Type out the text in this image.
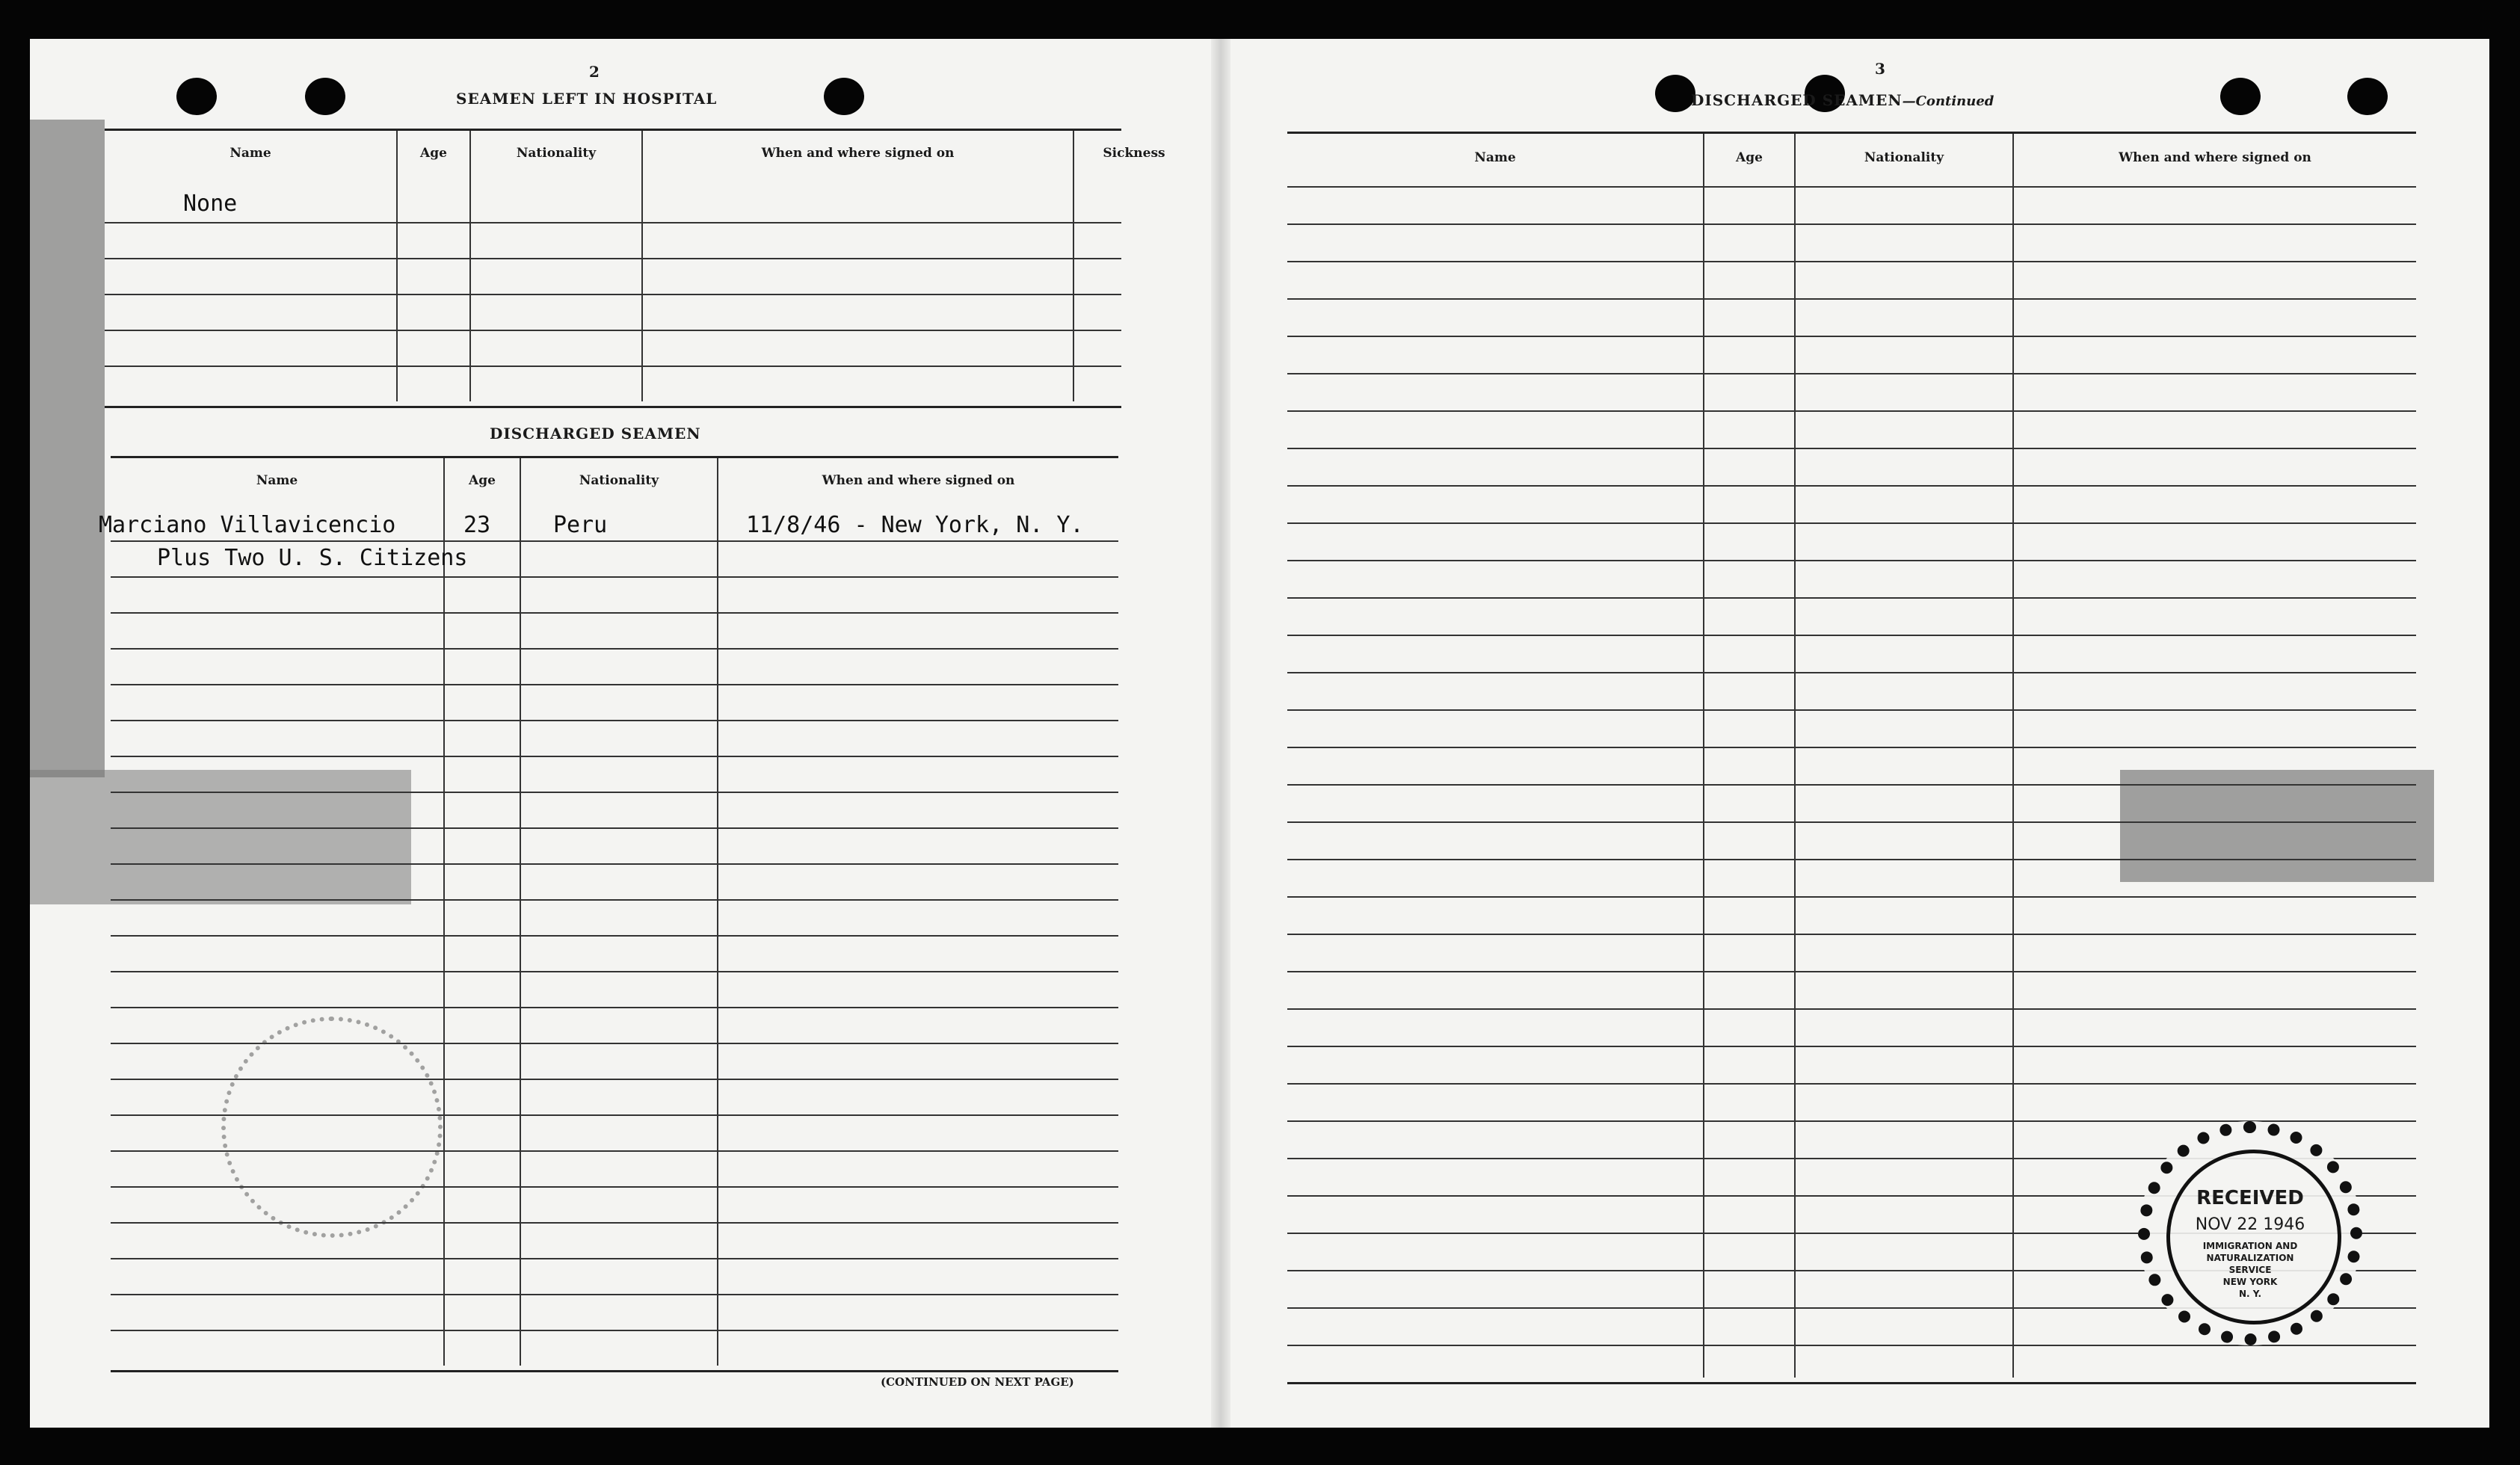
2
SEAMEN LEFT IN HOSPITAL
Name	Age	Nationality	When and where signed on	Sickness
None
DISCHARGED SEAMEN
Name	Age	Nationality	When and where signed on
Marciano Villavicencio	23	Peru	11/8/46 - New York, N. Y.
Plus Two U. S. Citizens
(CONTINUED ON NEXT PAGE)
3
DISCHARGED SEAMEN—Continued
Name	Age	Nationality	When and where signed on
RECEIVED
NOV 22 1946
IMMIGRATION AND
NATURALIZATION
SERVICE
NEW YORK
N. Y.
